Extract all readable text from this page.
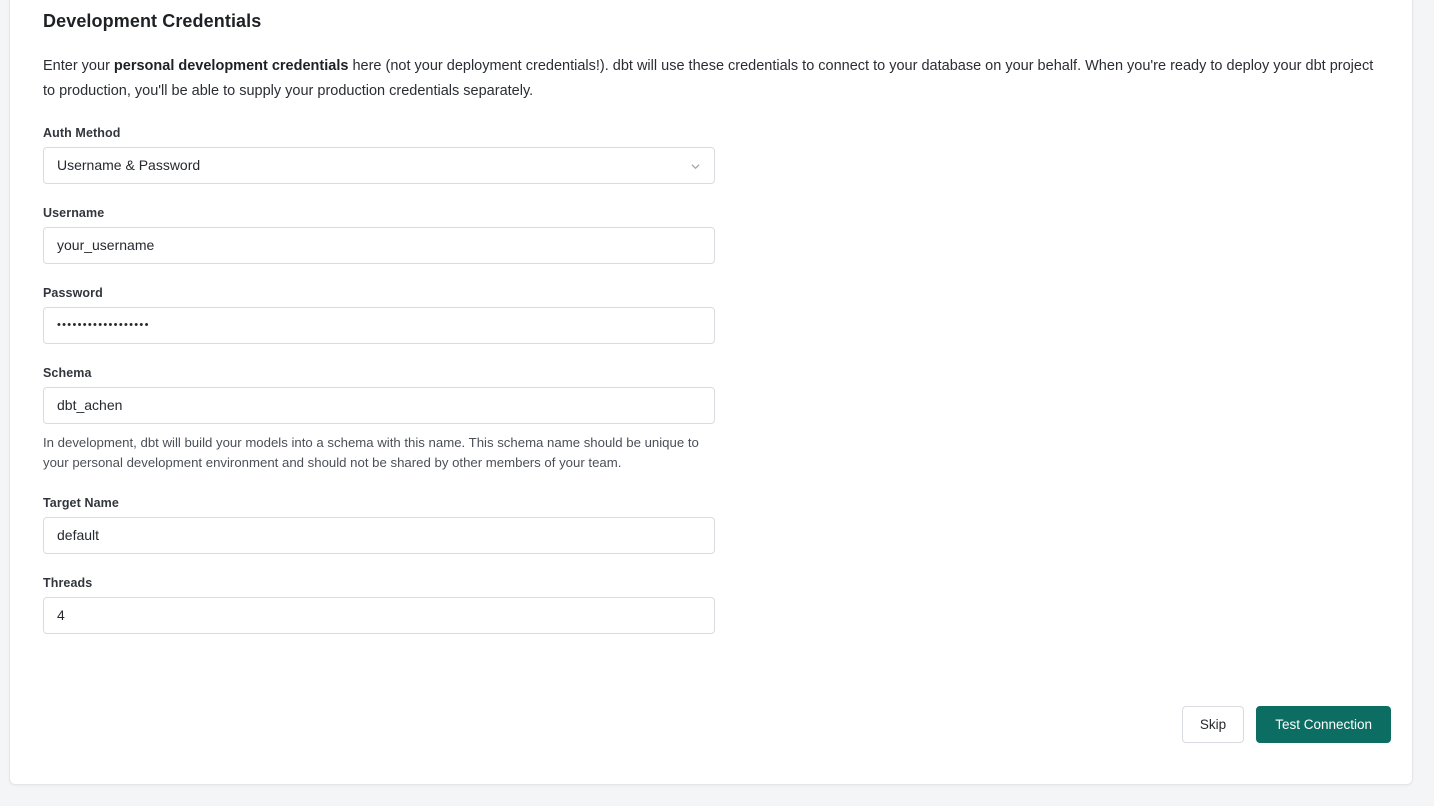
Development Credentials

Enter your personal development credentials here (not your deployment credentials!). dbt will use these credentials to connect to your database on your behalf. When you're ready to deploy your dbt project to production, you'll be able to supply your production credentials separately.

Auth Method
Username & Password
Username
your_username
Password
••••••••••••••••••
Schema
dbt_achen
In development, dbt will build your models into a schema with this name. This schema name should be unique to your personal development environment and should not be shared by other members of your team.
Target Name
default
Threads
4
Skip	Test Connection
